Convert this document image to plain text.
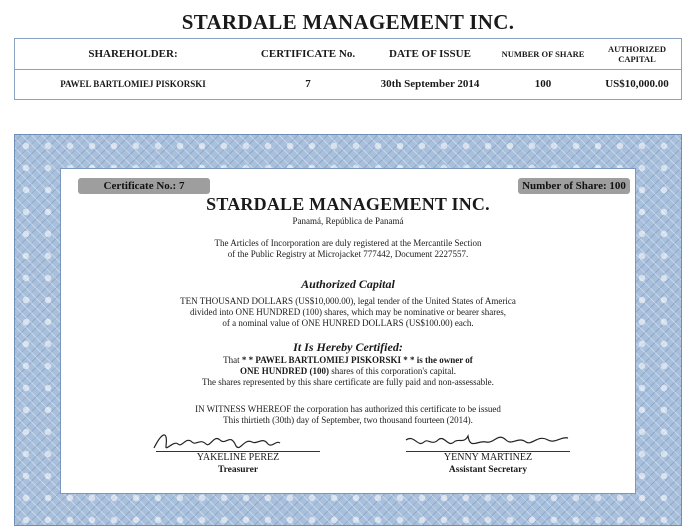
STARDALE MANAGEMENT INC.
SHAREHOLDER:	CERTIFICATE No.	DATE OF ISSUE	NUMBER OF SHARE	AUTHORIZED CAPITAL
PAWEL BARTLOMIEJ PISKORSKI	7	30th September 2014	100	US$10,000.00
Certificate No.: 7	Number of Share: 100
STARDALE MANAGEMENT INC.
Panamá, República de Panamá
The Articles of Incorporation are duly registered at the Mercantile Section
of the Public Registry at Microjacket 777442, Document 2227557.
Authorized Capital
TEN THOUSAND DOLLARS (US$10,000.00), legal tender of the United States of America
divided into ONE HUNDRED (100) shares, which may be nominative or bearer shares,
of a nominal value of ONE HUNRED DOLLARS (US$100.00) each.
It Is Hereby Certified:
That * * PAWEL BARTLOMIEJ PISKORSKI * * is the owner of
ONE HUNDRED (100) shares of this corporation's capital.
The shares represented by this share certificate are fully paid and non-assessable.
IN WITNESS WHEREOF the corporation has authorized this certificate to be issued
This thirtieth (30th) day of September, two thousand fourteen (2014).
YAKELINE PEREZ
Treasurer
YENNY MARTINEZ
Assistant Secretary
